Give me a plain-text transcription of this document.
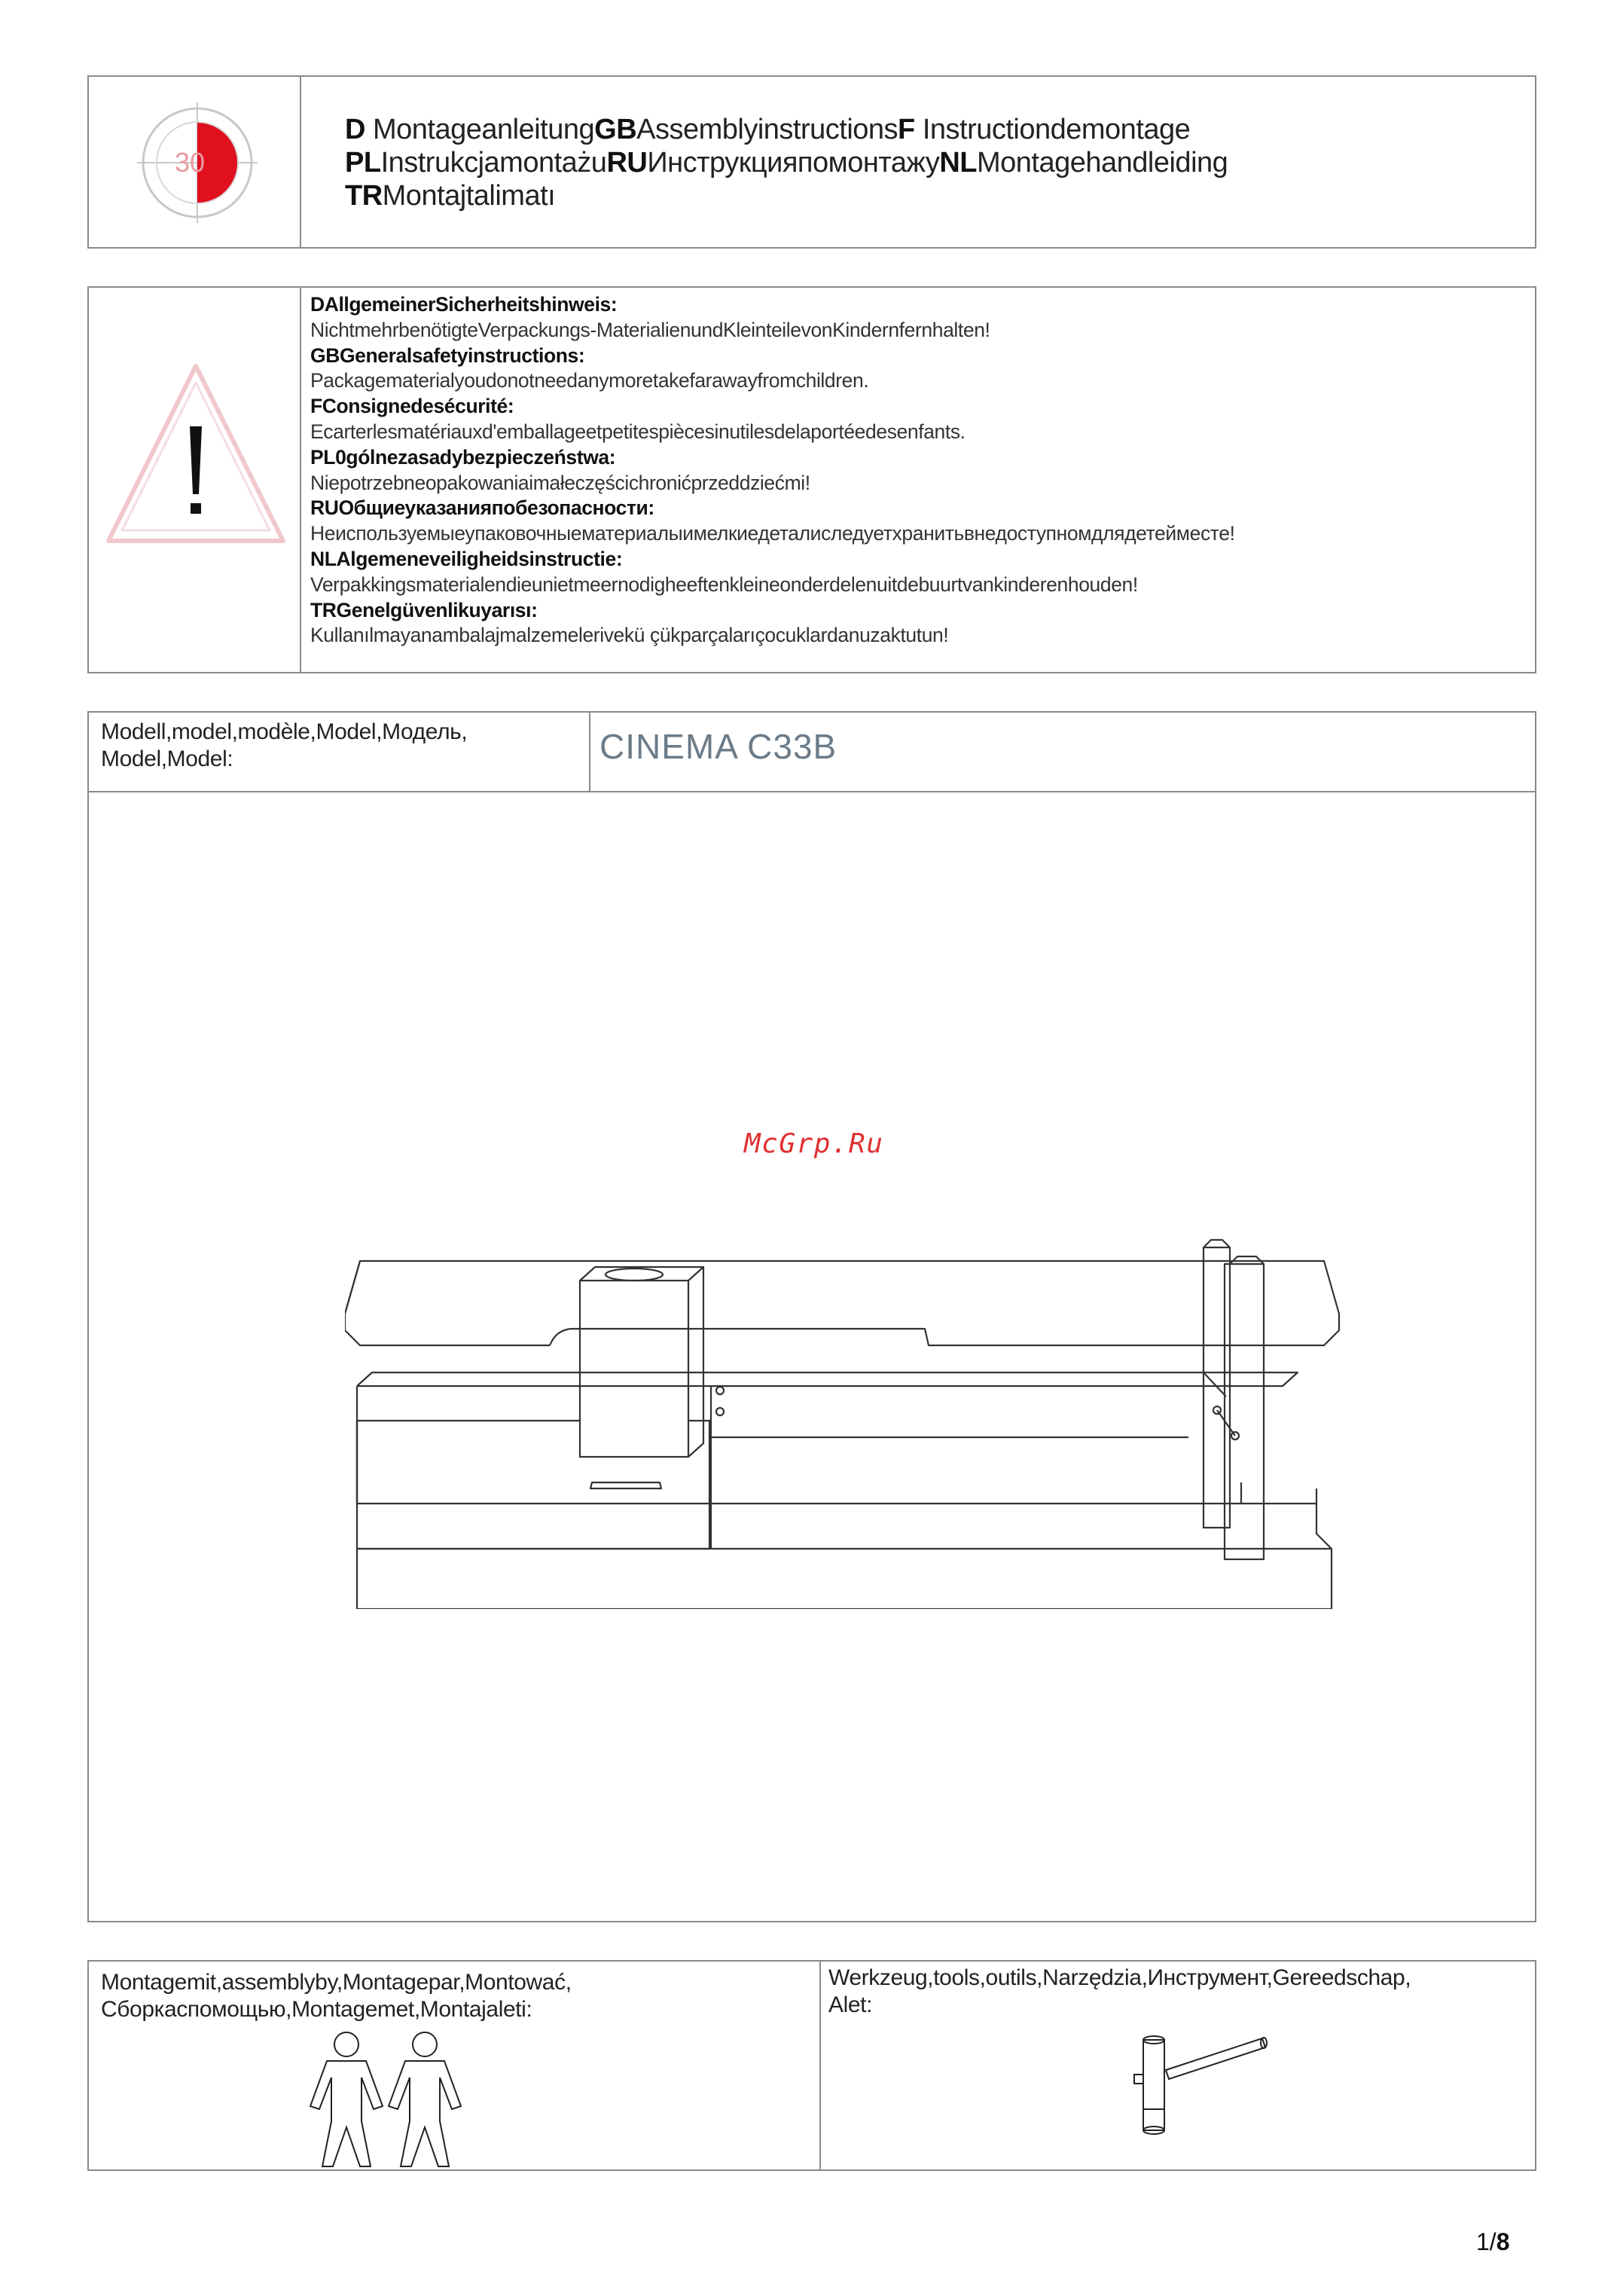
30
D MontageanleitungGBAssemblyinstructionsF Instructiondemontage
PLInstrukcjamontażuRUИнструкцияпомонтажуNLMontagehandleiding
TRMontajtalimatı
DAllgemeinerSicherheitshinweis:
NichtmehrbenötigteVerpackungs-MaterialienundKleinteilevonKindernfernhalten!
GBGeneralsafetyinstructions:
Packagematerialyoudonotneedanymoretakefarawayfromchildren.
FConsignedesécurité:
Ecarterlesmatériauxd'emballageetpetitespiècesinutilesdelaportéedesenfants.
PL0gólnezasadybezpieczeństwa:
Niepotrzebneopakowaniaimałeczęścichronićprzeddziećmi!
RUОбщиеуказанияпобезопасности:
Неиспользуемыеупаковочныематериалыимелкиедеталиследуетхранитьвнедоступномдлядетейместе!
NLAlgemeneveiligheidsinstructie:
Verpakkingsmaterialendieunietmeernodigheeftenkleineonderdelenuitdebuurtvankinderenhouden!
TRGenelgüvenlikuyarısı:
Kullanılmayanambalajmalzemelerivekü çükparçalarıçocuklardanuzaktutun!
Modell,model,modèle,Model,Модель,
Model,Model:	CINEMA C33B
McGrp.Ru
Montagemit,assemblyby,Montagepar,Montować,
Сборкаспомощью,Montagemet,Montajaleti:
Werkzeug,tools,outils,Narzędzia,Инструмент,Gereedschap,
Alet:
1/8
